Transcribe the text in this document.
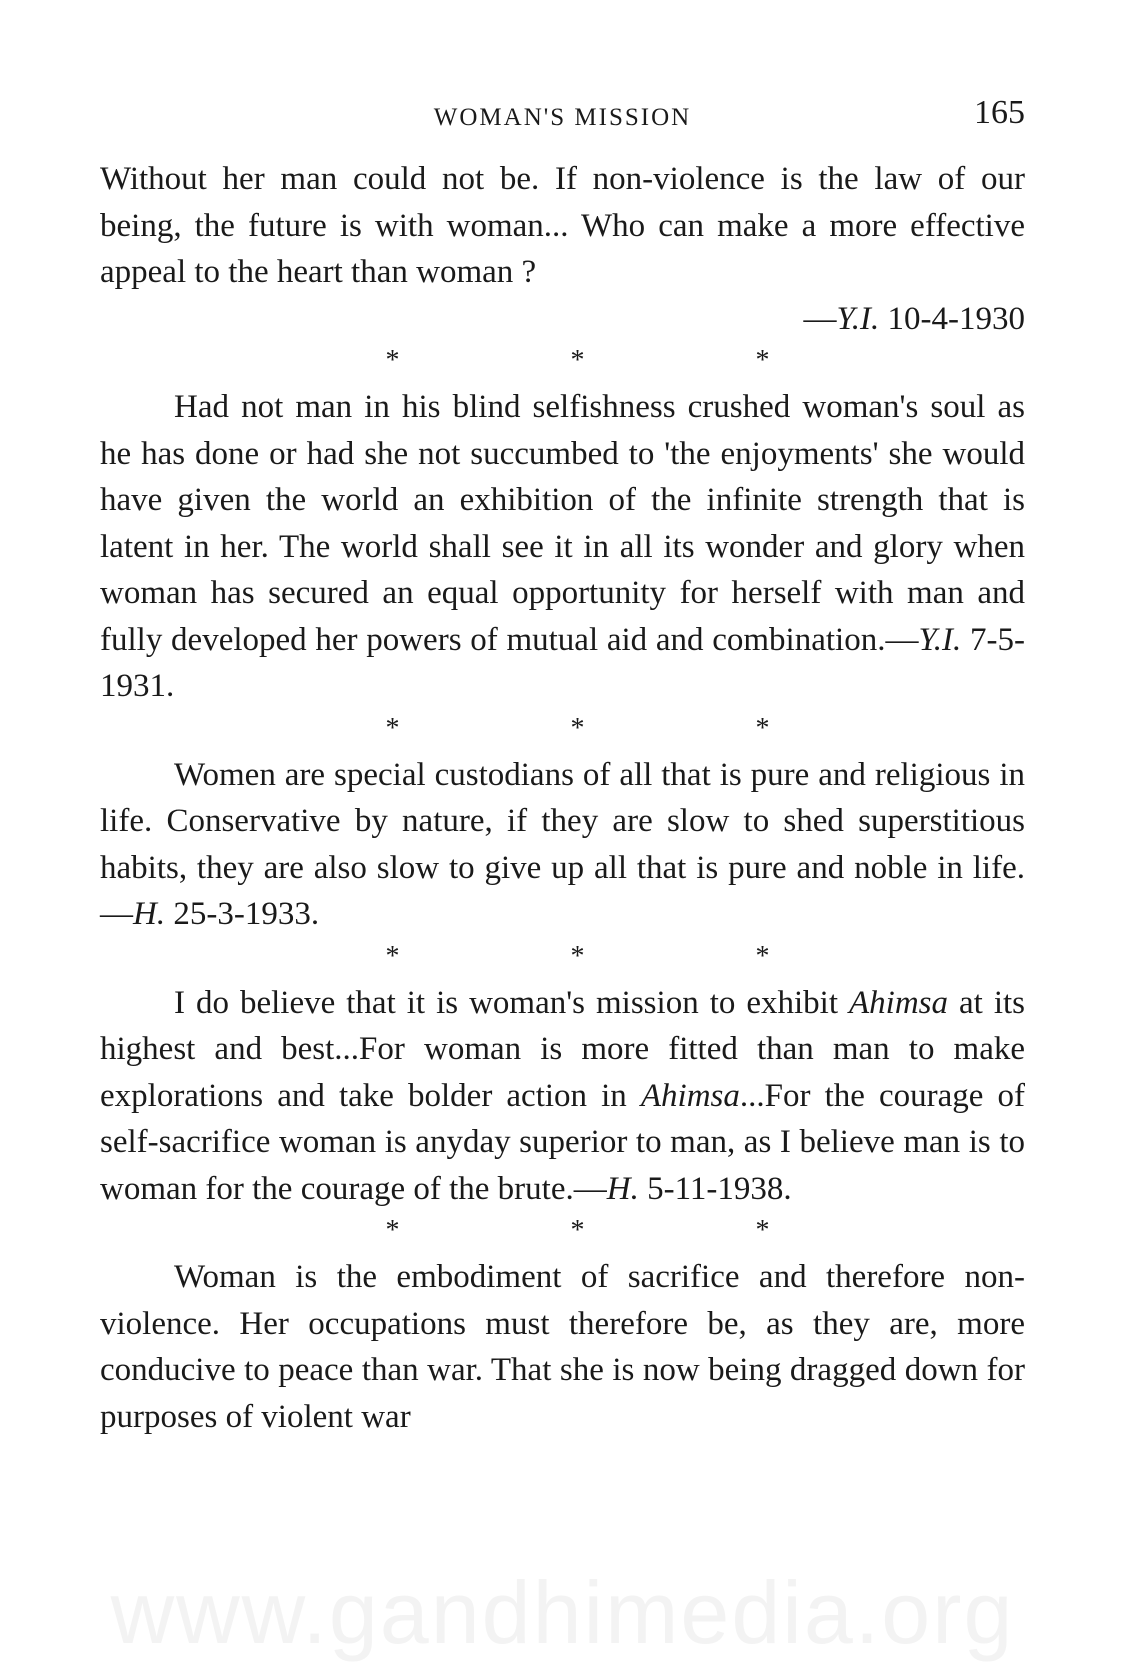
WOMAN'S MISSION	165

Without her man could not be. If non-violence is the law of our being, the future is with woman... Who can make a more effective appeal to the heart than woman ?

—Y.I. 10-4-1930
*	*	*

Had not man in his blind selfishness crushed woman's soul as he has done or had she not succumbed to 'the enjoyments' she would have given the world an exhibition of the infinite strength that is latent in her. The world shall see it in all its wonder and glory when woman has secured an equal opportunity for herself with man and fully developed her powers of mutual aid and combination.—Y.I. 7-5-1931.

*	*	*

Women are special custodians of all that is pure and religious in life. Conservative by nature, if they are slow to shed superstitious habits, they are also slow to give up all that is pure and noble in life.—H. 25-3-1933.

*	*	*

I do believe that it is woman's mission to exhibit Ahimsa at its highest and best...For woman is more fitted than man to make explorations and take bolder action in Ahimsa...For the courage of self-sacrifice woman is anyday superior to man, as I believe man is to woman for the courage of the brute.—H. 5-11-1938.

*	*	*

Woman is the embodiment of sacrifice and therefore non-violence. Her occupations must therefore be, as they are, more conducive to peace than war. That she is now being dragged down for purposes of violent war

www.gandhimedia.org
